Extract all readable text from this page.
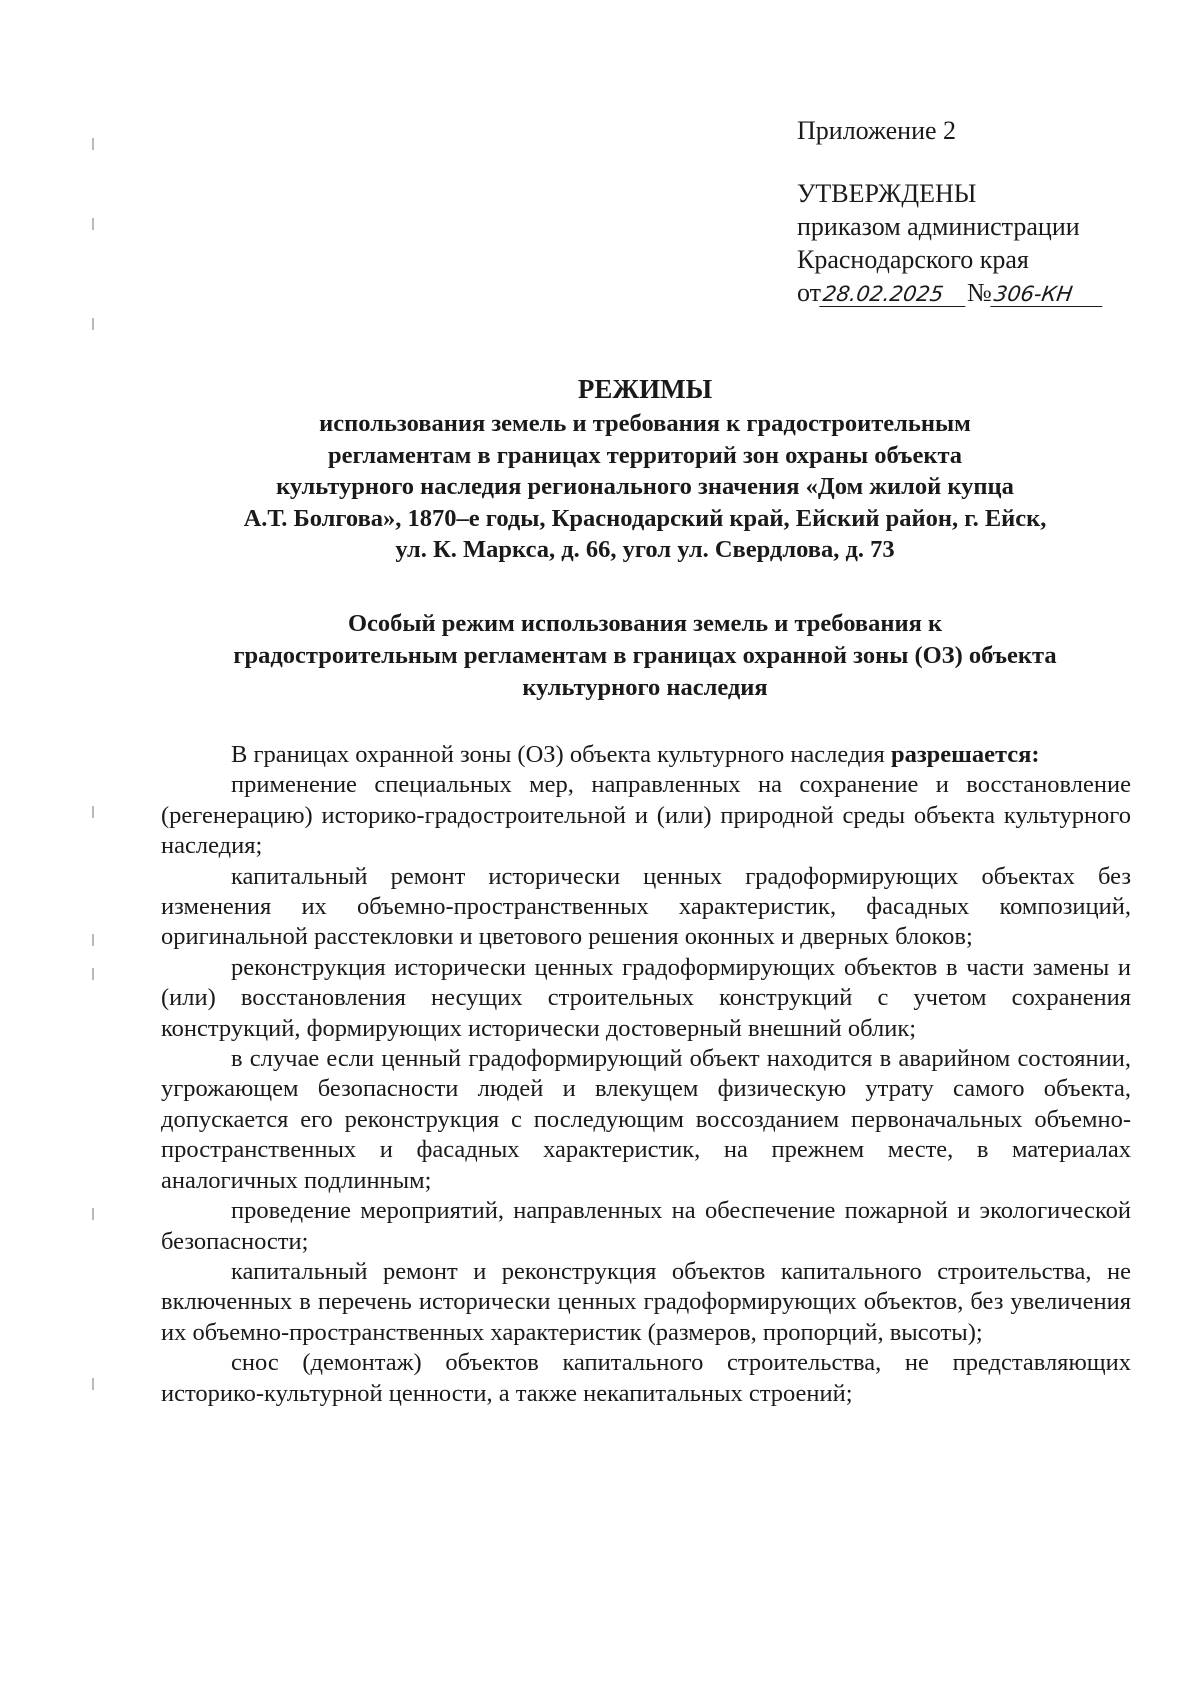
Приложение 2
УТВЕРЖДЕНЫ
приказом администрации
Краснодарского края
от28.02.2025 №306-КН
РЕЖИМЫ
использования земель и требования к градостроительным
регламентам в границах территорий зон охраны объекта
культурного наследия регионального значения «Дом жилой купца
А.Т. Болгова», 1870–е годы, Краснодарский край, Ейский район, г. Ейск,
ул. К. Маркса, д. 66, угол ул. Свердлова, д. 73
Особый режим использования земель и требования к
градостроительным регламентам в границах охранной зоны (ОЗ) объекта
культурного наследия

В границах охранной зоны (ОЗ) объекта культурного наследия разрешается:

применение специальных мер, направленных на сохранение и восстановление (регенерацию) историко-градостроительной и (или) природной среды объекта культурного наследия;

капитальный ремонт исторически ценных градоформирующих объектах без изменения их объемно-пространственных характеристик, фасадных композиций, оригинальной расстекловки и цветового решения оконных и дверных блоков;

реконструкция исторически ценных градоформирующих объектов в части замены и (или) восстановления несущих строительных конструкций с учетом сохранения конструкций, формирующих исторически достоверный внешний облик;

в случае если ценный градоформирующий объект находится в аварийном состоянии, угрожающем безопасности людей и влекущем физическую утрату самого объекта, допускается его реконструкция с последующим воссозданием первоначальных объемно-пространственных и фасадных характеристик, на прежнем месте, в материалах аналогичных подлинным;

проведение мероприятий, направленных на обеспечение пожарной и экологической безопасности;

капитальный ремонт и реконструкция объектов капитального строительства, не включенных в перечень исторически ценных градоформирующих объектов, без увеличения их объемно-пространственных характеристик (размеров, пропорций, высоты);

снос (демонтаж) объектов капитального строительства, не представляющих историко-культурной ценности, а также некапитальных строений;
